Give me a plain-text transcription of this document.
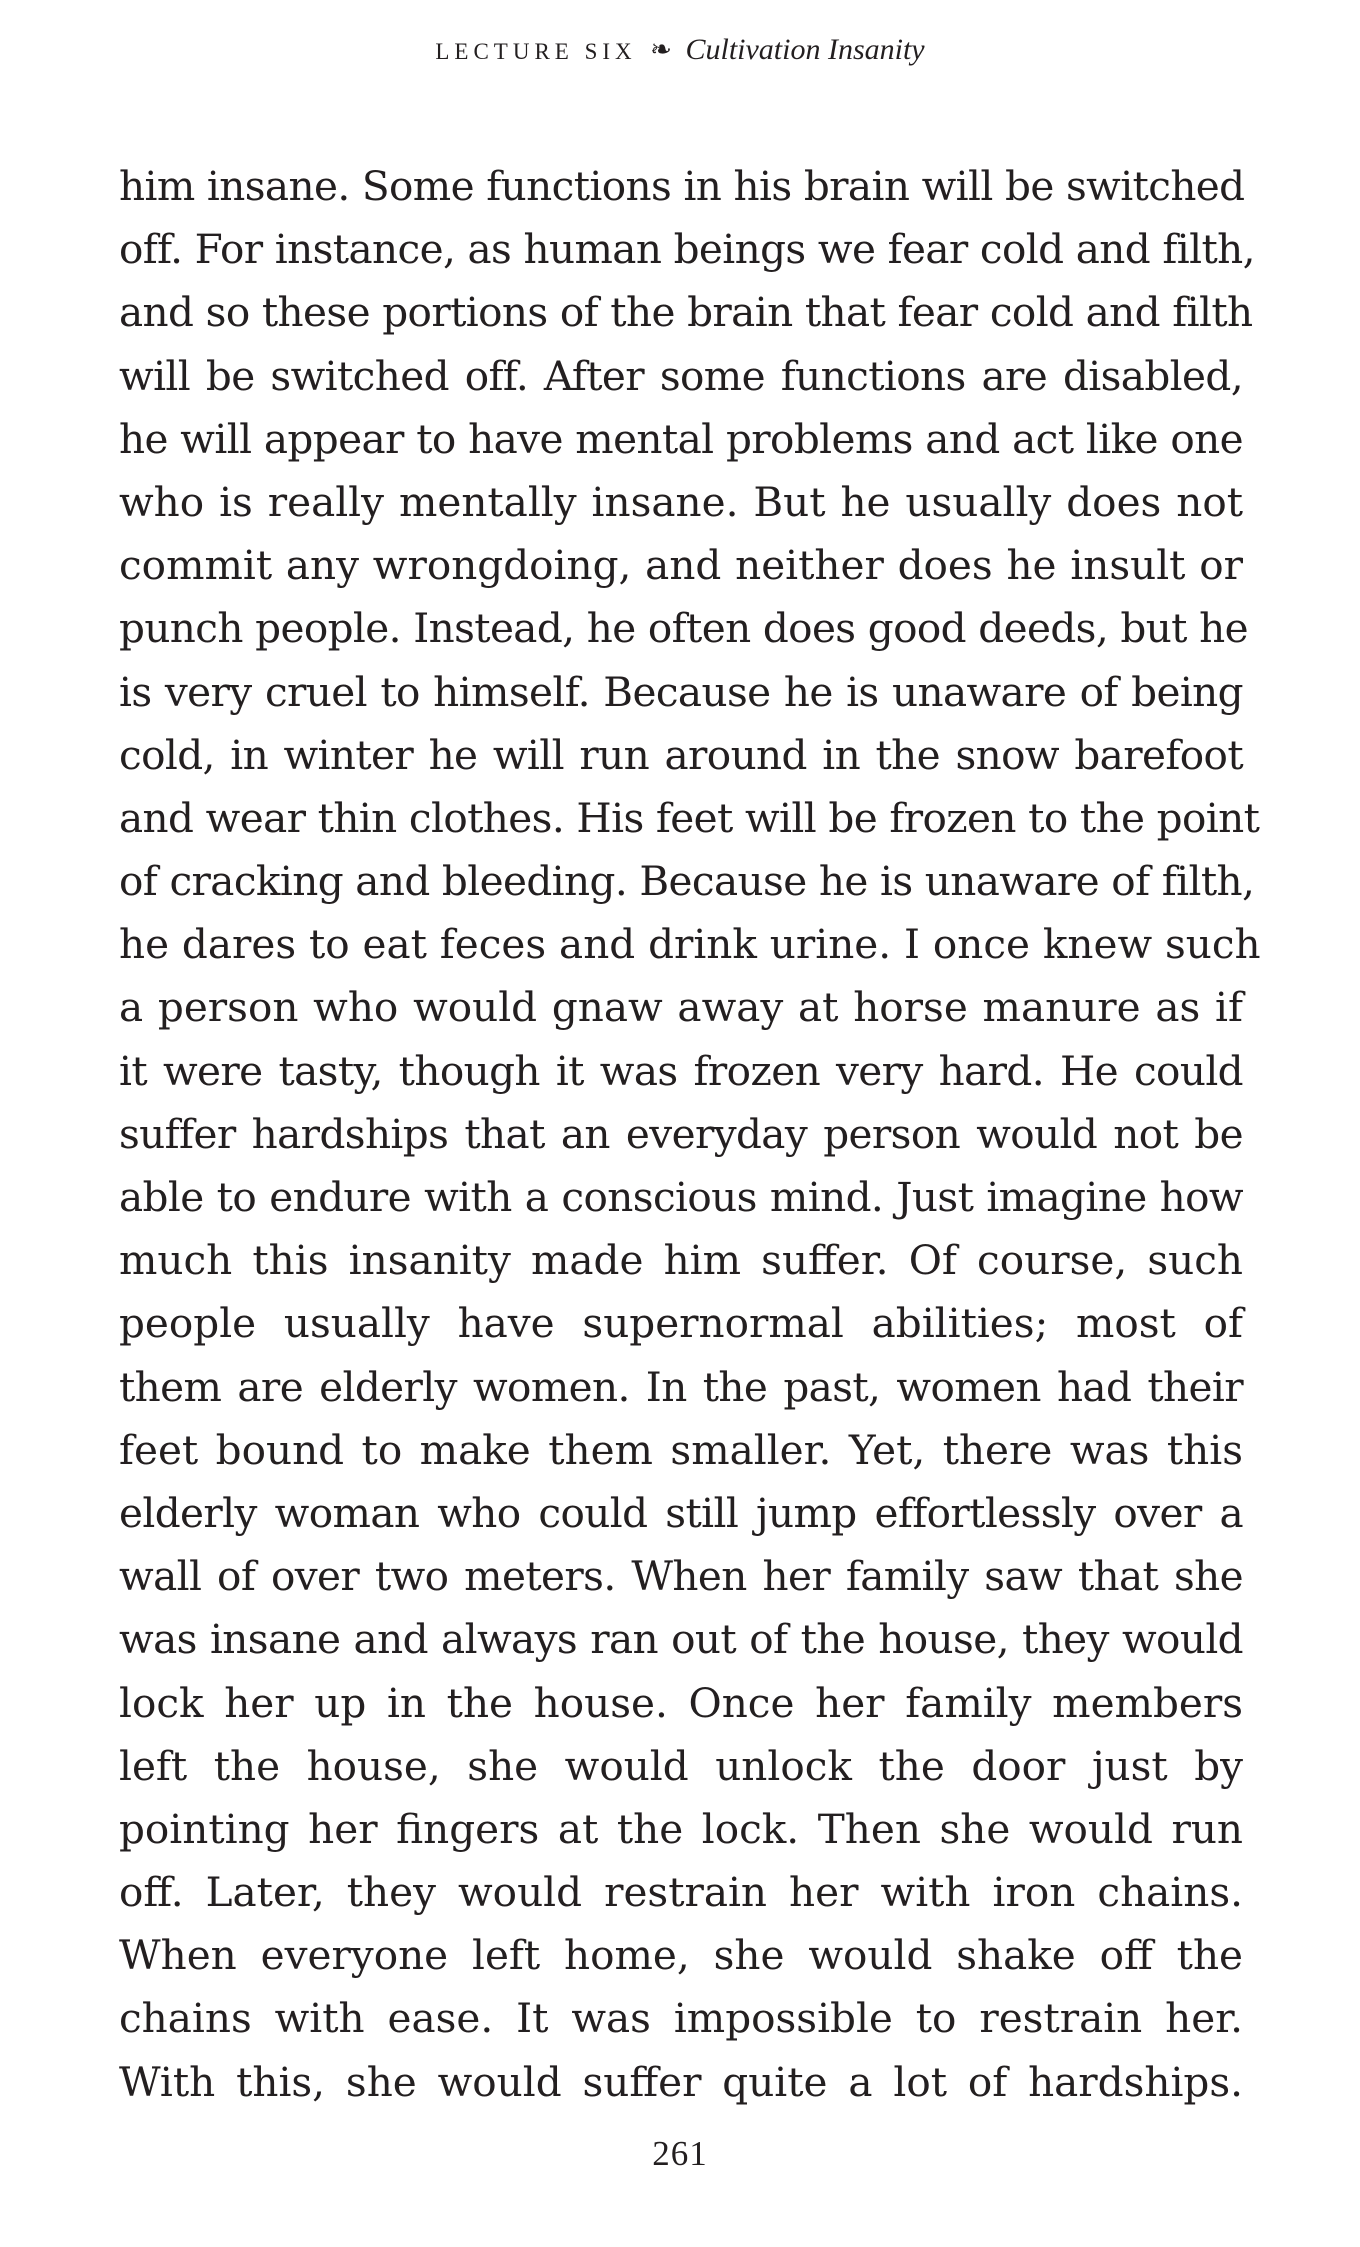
LECTURE SIX ❧ Cultivation Insanity
him insane. Some functions in his brain will be switched
off. For instance, as human beings we fear cold and filth,
and so these portions of the brain that fear cold and filth
will be switched off. After some functions are disabled,
he will appear to have mental problems and act like one
who is really mentally insane. But he usually does not
commit any wrongdoing, and neither does he insult or
punch people. Instead, he often does good deeds, but he
is very cruel to himself. Because he is unaware of being
cold, in winter he will run around in the snow barefoot
and wear thin clothes. His feet will be frozen to the point
of cracking and bleeding. Because he is unaware of filth,
he dares to eat feces and drink urine. I once knew such
a person who would gnaw away at horse manure as if
it were tasty, though it was frozen very hard. He could
suffer hardships that an everyday person would not be
able to endure with a conscious mind. Just imagine how
much this insanity made him suffer. Of course, such
people usually have supernormal abilities; most of
them are elderly women. In the past, women had their
feet bound to make them smaller. Yet, there was this
elderly woman who could still jump effortlessly over a
wall of over two meters. When her family saw that she
was insane and always ran out of the house, they would
lock her up in the house. Once her family members
left the house, she would unlock the door just by
pointing her fingers at the lock. Then she would run
off. Later, they would restrain her with iron chains.
When everyone left home, she would shake off the
chains with ease. It was impossible to restrain her.
With this, she would suffer quite a lot of hardships.
261
